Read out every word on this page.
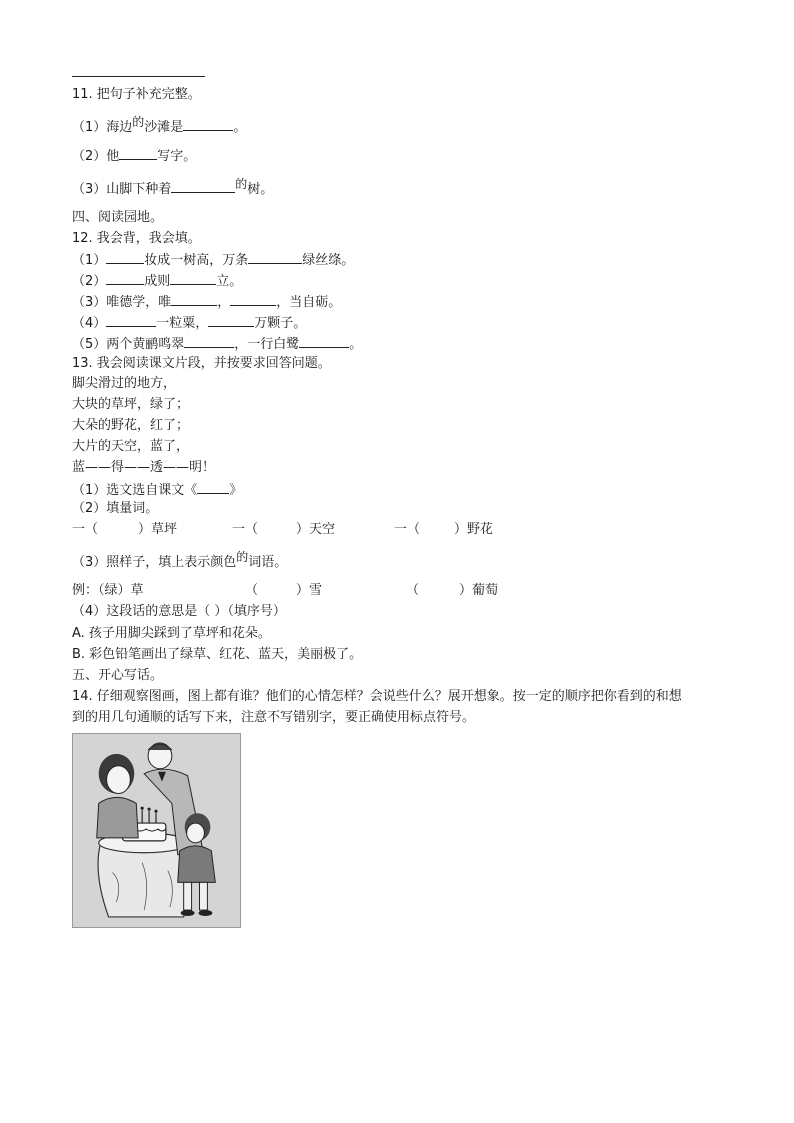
11. 把句子补充完整。
（1）海边的沙滩是	。
（2）他	写字。
（3）山脚下种着	的树。
四、阅读园地。
12. 我会背，我会填。
（1）	妆成一树高，万条	绿丝绦。
（2）	成则	立。
（3）唯德学，唯	，	，当自砺。
（4）	一粒粟，	万颗子。
（5）两个黄鹂鸣翠	，一行白鹭	。
13. 我会阅读课文片段，并按要求回答问题。
脚尖滑过的地方，
大块的草坪，绿了；
大朵的野花，红了；
大片的天空，蓝了，
蓝——得——透——明！
（1）选文选自课文《 》
（2）填量词。
一（	）草坪	一（	）天空	一（	）野花
（3）照样子，填上表示颜色的词语。
例：（绿）草	（	）雪	（	）葡萄
（4）这段话的意思是（ ）（填序号）
A. 孩子用脚尖踩到了草坪和花朵。
B. 彩色铅笔画出了绿草、红花、蓝天，美丽极了。
五、开心写话。
14. 仔细观察图画，图上都有谁？他们的心情怎样？会说些什么？展开想象。按一定的顺序把你看到的和想
到的用几句通顺的话写下来，注意不写错别字，要正确使用标点符号。
